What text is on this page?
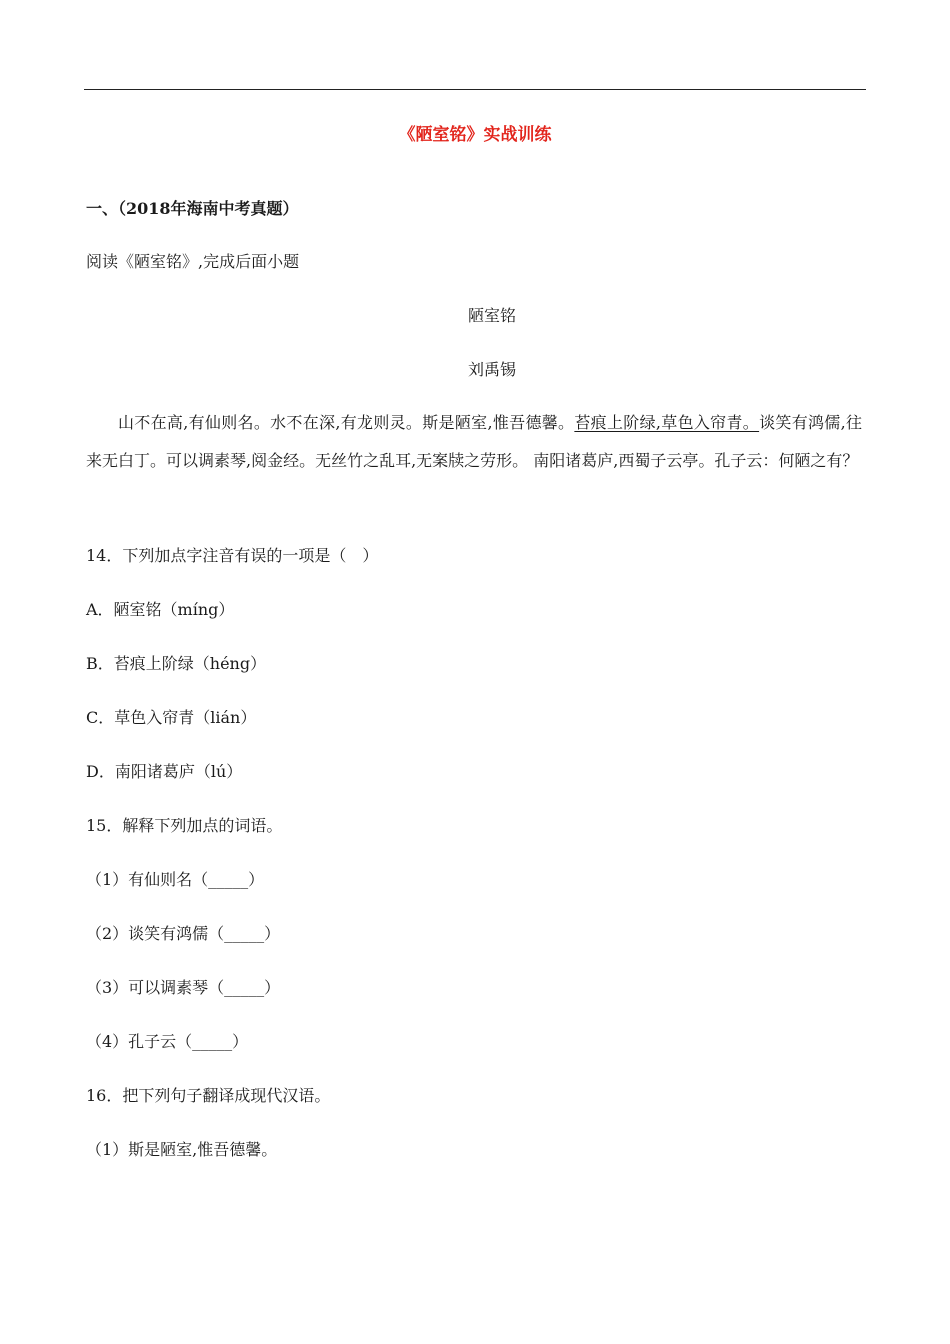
《陋室铭》实战训练
一、（2018年海南中考真题）
阅读《陋室铭》,完成后面小题
陋室铭
刘禹锡
山不在高,有仙则名。水不在深,有龙则灵。斯是陋室,惟吾德馨。苔痕上阶绿,草色入帘青。谈笑有鸿儒,往来无白丁。可以调素琴,阅金经。无丝竹之乱耳,无案牍之劳形。 南阳诸葛庐,西蜀子云亭。孔子云：何陋之有？
14．下列加点字注音有误的一项是（　）
A．陋室铭（míng）
B．苔痕上阶绿（héng）
C．草色入帘青（lián）
D．南阳诸葛庐（lú）
15．解释下列加点的词语。
（1）有仙则名（_____）
（2）谈笑有鸿儒（_____）
（3）可以调素琴（_____）
（4）孔子云（_____）
16．把下列句子翻译成现代汉语。
（1）斯是陋室,惟吾德馨。
